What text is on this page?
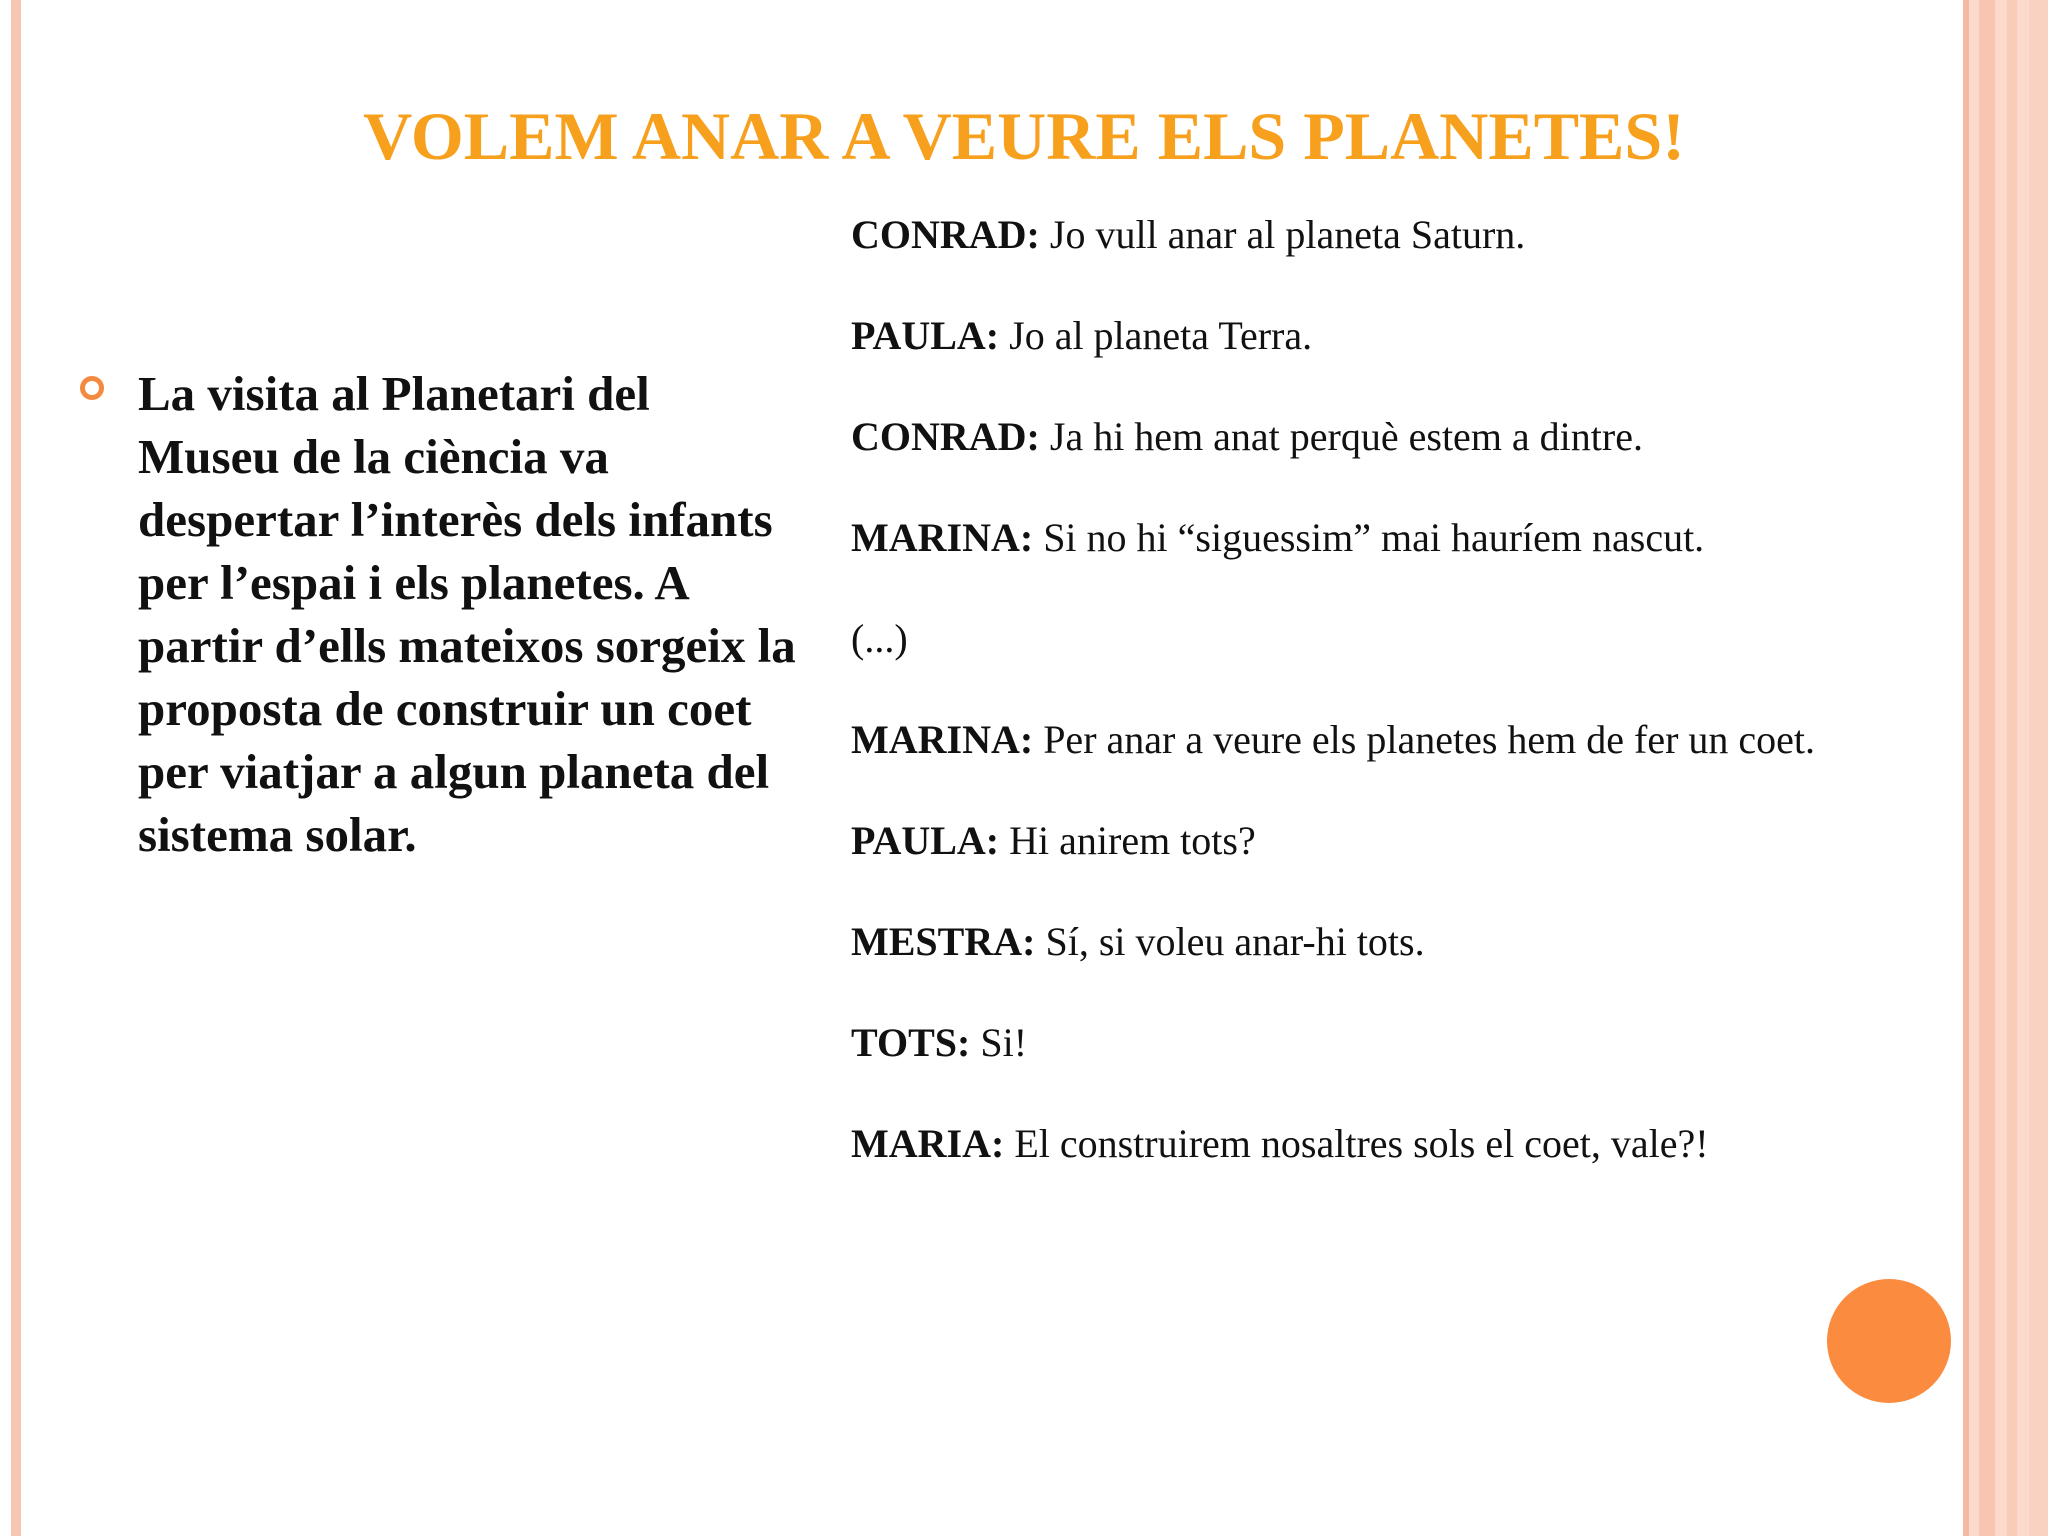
VOLEM ANAR A VEURE ELS PLANETES!

La visita al Planetari del Museu de la ciència va despertar l’interès dels infants per l’espai i els planetes. A partir d’ells mateixos sorgeix la proposta de construir un coet per viatjar a algun planeta del sistema solar.

CONRAD: Jo vull anar al planeta Saturn.
PAULA: Jo al planeta Terra.
CONRAD: Ja hi hem anat perquè estem a dintre.
MARINA: Si no hi “siguessim” mai hauríem nascut.
(...)
MARINA: Per anar a veure els planetes hem de fer un coet.
PAULA: Hi anirem tots?
MESTRA: Sí, si voleu anar-hi tots.
TOTS: Si!
MARIA: El construirem nosaltres sols el coet, vale?!
